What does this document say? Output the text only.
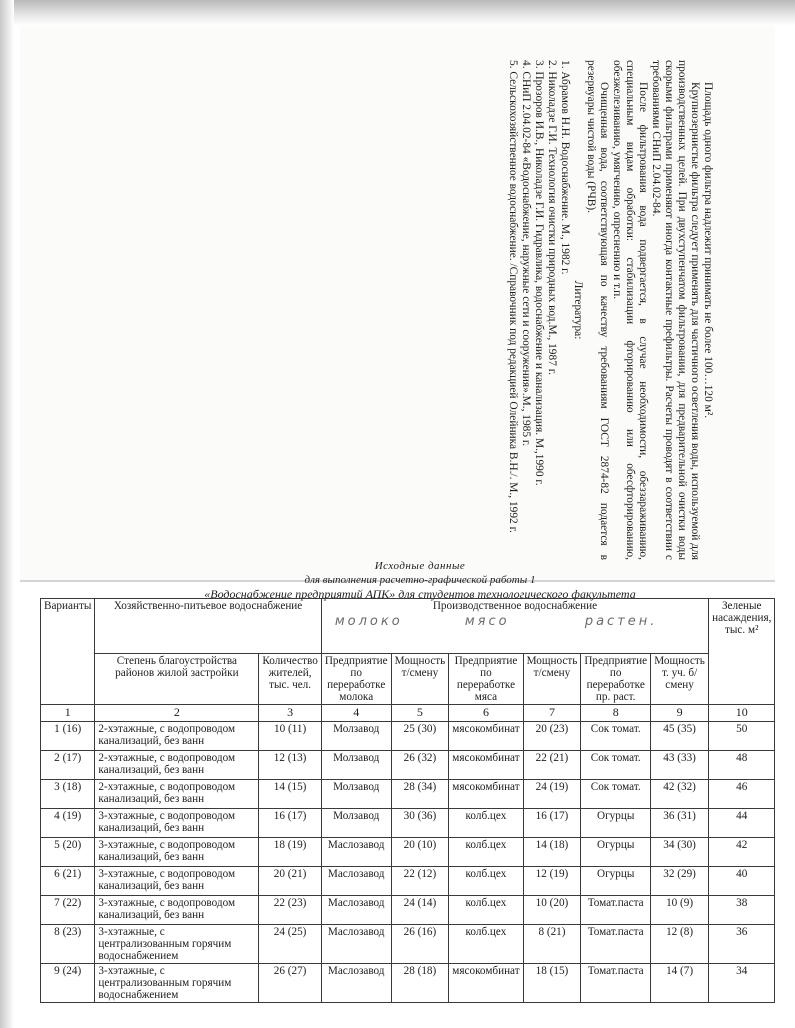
Площадь одного фильтра надлежит принимать не более 100…120 м².

Крупнозернистые фильтра следует применять для частичного осветления воды, используемой для производственных целей. При двухступенчатом фильтровании, для предварительной очистки воды скорыми фильтрами применяют иногда контактные префильтры. Расчеты проводят в соответствии с требованиями СНиП 2.04.02-84.

После фильтрования вода подвергается, в случае необходимости, обеззараживанию, специальным видам обработки: стабилизации фторированию или обесфторированию, обезжелезиванию, умягчению, опреснению и т.п.

Очищенная вода, соответствующая по качеству требованиям ГОСТ 2874-82 подается в резервуары чистой воды (РЧВ).

Литература:

1. Абрамов Н.Н. Водоснабжение. М., 1982 г.

2. Николадзе Г.И. Технология очистки природных вод.М., 1987 г.

3. Прозоров И.В., Николадзе Г.И. Гидравлика, водоснабжение и канализация. М.,1990 г.

4. СНиП 2.04.02-84 «Водоснабжение, наружные сети и сооружения».М., 1985 г.

5. Сельскохозяйственное водоснабжение. /Справочник под редакцией Олейника В.Н./. М., 1992 г.

Исходные данные
для выполнения расчетно-графической работы 1
«Водоснабжение предприятий АПК» для студентов технологического факультета
Варианты	Хозяйственно-питьевое водоснабжение		Производственное водоснабжение
молоко мясо растен.						Зеленые насаждения, тыс. м²
	Степень благоустройства районов жилой застройки	Количество жителей, тыс. чел.	Предприятие по переработке молока	Мощность т/смену	Предприятие по переработке мяса	Мощность т/смену	Предприятие по переработке пр. раст.	Мощность т. уч. б/смену	
1	2	3	4	5	6	7	8	9	10
1 (16)	2-хэтажные, с водопроводом канализаций, без ванн	10 (11)	Молзавод	25 (30)	мясокомбинат	20 (23)	Сок томат.	45 (35)	50
2 (17)	2-хэтажные, с водопроводом канализаций, без ванн	12 (13)	Молзавод	26 (32)	мясокомбинат	22 (21)	Сок томат.	43 (33)	48
3 (18)	2-хэтажные, с водопроводом канализаций, без ванн	14 (15)	Молзавод	28 (34)	мясокомбинат	24 (19)	Сок томат.	42 (32)	46
4 (19)	3-хэтажные, с водопроводом канализаций, без ванн	16 (17)	Молзавод	30 (36)	колб.цех	16 (17)	Огурцы	36 (31)	44
5 (20)	3-хэтажные, с водопроводом канализаций, без ванн	18 (19)	Маслозавод	20 (10)	колб.цех	14 (18)	Огурцы	34 (30)	42
6 (21)	3-хэтажные, с водопроводом канализаций, без ванн	20 (21)	Маслозавод	22 (12)	колб.цех	12 (19)	Огурцы	32 (29)	40
7 (22)	3-хэтажные, с водопроводом канализаций, без ванн	22 (23)	Маслозавод	24 (14)	колб.цех	10 (20)	Томат.паста	10 (9)	38
8 (23)	3-хэтажные, с централизованным горячим водоснабжением	24 (25)	Маслозавод	26 (16)	колб.цех	8 (21)	Томат.паста	12 (8)	36
9 (24)	3-хэтажные, с централизованным горячим водоснабжением	26 (27)	Маслозавод	28 (18)	мясокомбинат	18 (15)	Томат.паста	14 (7)	34
